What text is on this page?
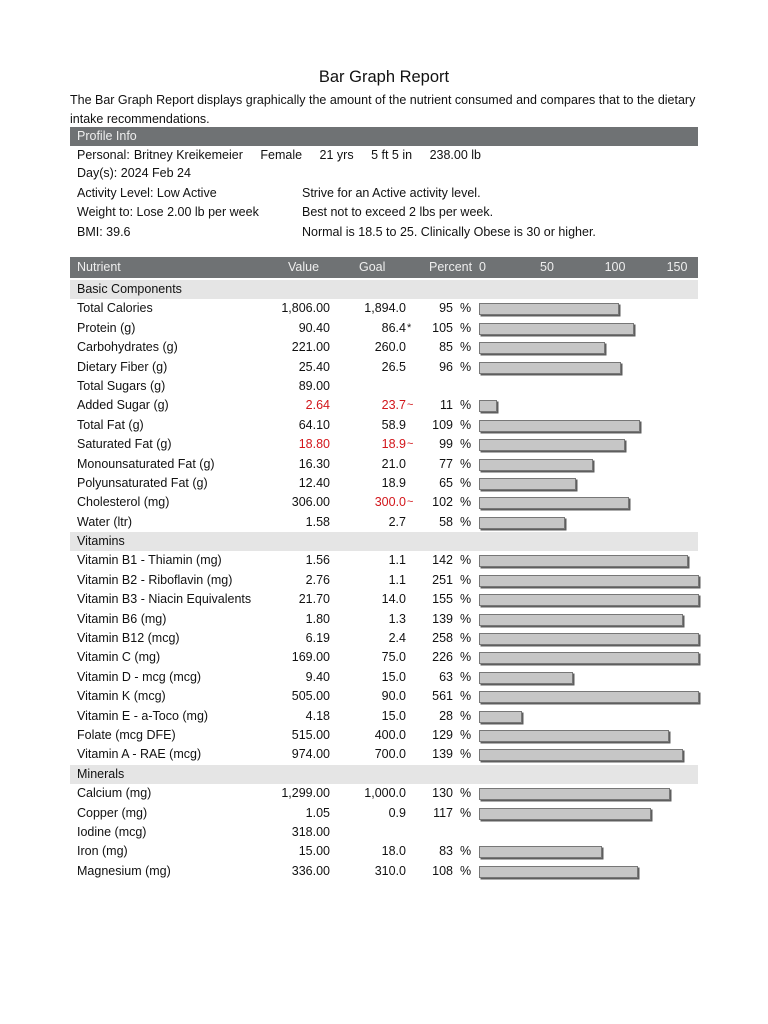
Bar Graph Report
The Bar Graph Report displays graphically the amount of the nutrient consumed and compares that to the dietary intake recommendations.
Profile Info
Personal: Britney Kreikemeier Female 21 yrs 5 ft 5 in 238.00 lb
Day(s): 2024 Feb 24
Activity Level: Low Active	Strive for an Active activity level.
Weight to: Lose 2.00 lb per week	Best not to exceed 2 lbs per week.
BMI: 39.6	Normal is 18.5 to 25. Clinically Obese is 30 or higher.
Nutrient	Value	Goal	Percent 0	50	100	150
Basic Components
Total Calories	1,806.00	1,894.0	95 %
Protein (g)	90.40	86.4 * 105 %
Carbohydrates (g)	221.00	260.0	85 %
Dietary Fiber (g)	25.40	26.5	96 %
Total Sugars (g)	89.00
Added Sugar (g)	2.64	23.7 ~ 11 %
Total Fat (g)	64.10	58.9 109 %
Saturated Fat (g)	18.80	18.9 ~ 99 %
Monounsaturated Fat (g)	16.30	21.0	77 %
Polyunsaturated Fat (g)	12.40	18.9	65 %
Cholesterol (mg)	306.00	300.0 ~ 102 %
Water (ltr)	1.58	2.7	58 %
Vitamins
Vitamin B1 - Thiamin (mg)	1.56	1.1 142 %
Vitamin B2 - Riboflavin (mg)	2.76	1.1 251 %
Vitamin B3 - Niacin Equivalents	21.70	14.0 155 %
Vitamin B6 (mg)	1.80	1.3 139 %
Vitamin B12 (mcg)	6.19	2.4 258 %
Vitamin C (mg)	169.00	75.0 226 %
Vitamin D - mcg (mcg)	9.40	15.0	63 %
Vitamin K (mcg)	505.00	90.0 561 %
Vitamin E - a-Toco (mg)	4.18	15.0	28 %
Folate (mcg DFE)	515.00	400.0 129 %
Vitamin A - RAE (mcg)	974.00	700.0 139 %
Minerals
Calcium (mg)	1,299.00	1,000.0 130 %
Copper (mg)	1.05	0.9 117 %
Iodine (mcg)	318.00
Iron (mg)	15.00	18.0	83 %
Magnesium (mg)	336.00	310.0 108 %
